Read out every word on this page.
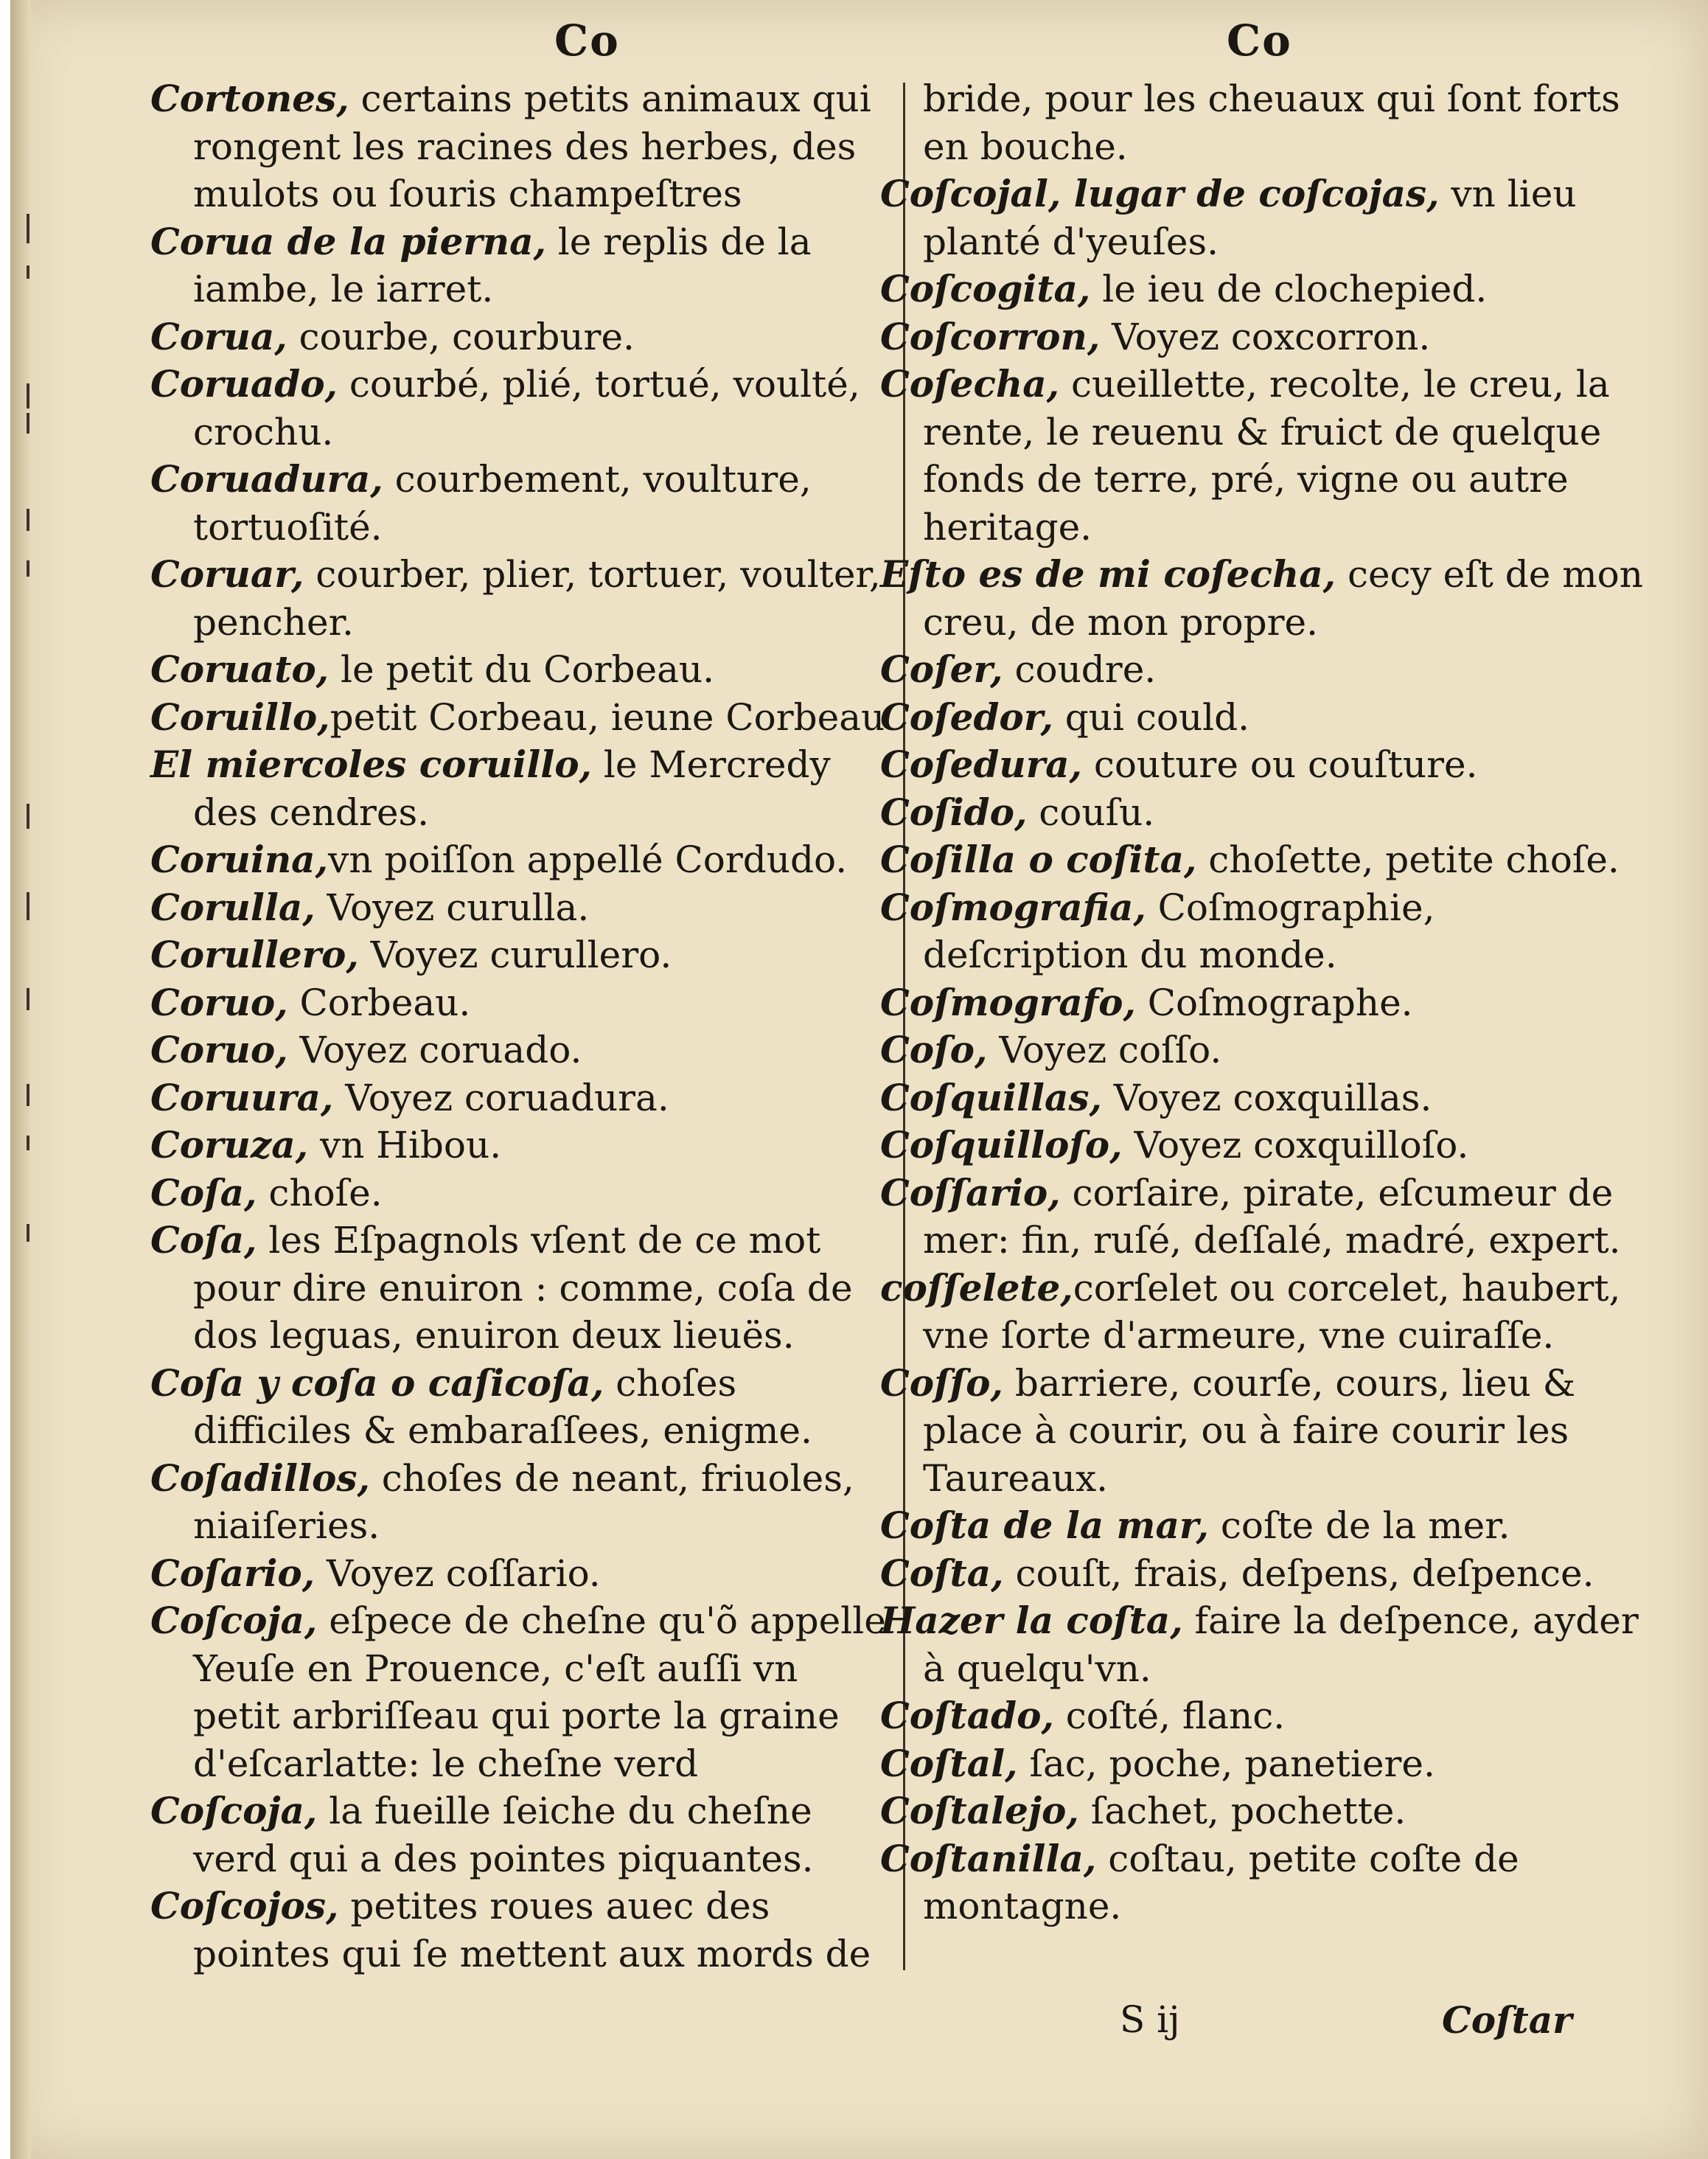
Co	Co
Cortones, certains petits animaux qui rongent les racines des herbes, des mulots ou ſouris champeſtres
Corua de la pierna, le replis de la iambe, le iarret.
Corua, courbe, courbure.
Coruado, courbé, plié, tortué, voulté, crochu.
Coruadura, courbement, voulture, tortuoſité.
Coruar, courber, plier, tortuer, voulter, pencher.
Coruato, le petit du Corbeau.
Coruillo,petit Corbeau, ieune Corbeau
El miercoles coruillo, le Mercredy des cendres.
Coruina,vn poiſſon appellé Cordudo.
Corulla, Voyez curulla.
Corullero, Voyez curullero.
Coruo, Corbeau.
Coruo, Voyez coruado.
Coruura, Voyez coruadura.
Coruza, vn Hibou.
Coſa, choſe.
Coſa, les Eſpagnols vſent de ce mot pour dire enuiron : comme, coſa de dos leguas, enuiron deux lieuës.
Coſa y coſa o caſicoſa, choſes difficiles & embaraſſees, enigme.
Coſadillos, choſes de neant, friuoles, niaiſeries.
Coſario, Voyez coſſario.
Coſcoja, eſpece de cheſne qu'õ appelle Yeuſe en Prouence, c'eſt auſſi vn petit arbriſſeau qui porte la graine d'eſcarlatte: le cheſne verd
Coſcoja, la fueille ſeiche du cheſne verd qui a des pointes piquantes.
Coſcojos, petites roues auec des pointes qui ſe mettent aux mords de
bride, pour les cheuaux qui ſont forts en bouche.
Coſcojal, lugar de coſcojas, vn lieu planté d'yeuſes.
Coſcogita, le ieu de clochepied.
Coſcorron, Voyez coxcorron.
Coſecha, cueillette, recolte, le creu, la rente, le reuenu & fruict de quelque fonds de terre, pré, vigne ou autre heritage.
Eſto es de mi coſecha, cecy eſt de mon creu, de mon propre.
Coſer, coudre.
Coſedor, qui could.
Coſedura, couture ou couſture.
Coſido, couſu.
Coſilla o coſita, choſette, petite choſe.
Coſmografia, Coſmographie, deſcription du monde.
Coſmografo, Coſmographe.
Coſo, Voyez coſſo.
Coſquillas, Voyez coxquillas.
Coſquilloſo, Voyez coxquilloſo.
Coſſario, corſaire, pirate, eſcumeur de mer: fin, ruſé, deſſalé, madré, expert.
coſſelete,corſelet ou corcelet, haubert, vne ſorte d'armeure, vne cuiraſſe.
Coſſo, barriere, courſe, cours, lieu & place à courir, ou à faire courir les Taureaux.
Coſta de la mar, coſte de la mer.
Coſta, couſt, frais, deſpens, deſpence.
Hazer la coſta, faire la deſpence, ayder à quelqu'vn.
Coſtado, coſté, flanc.
Coſtal, ſac, poche, panetiere.
Coſtalejo, ſachet, pochette.
Coſtanilla, coſtau, petite coſte de montagne.
S ij	Coſtar
